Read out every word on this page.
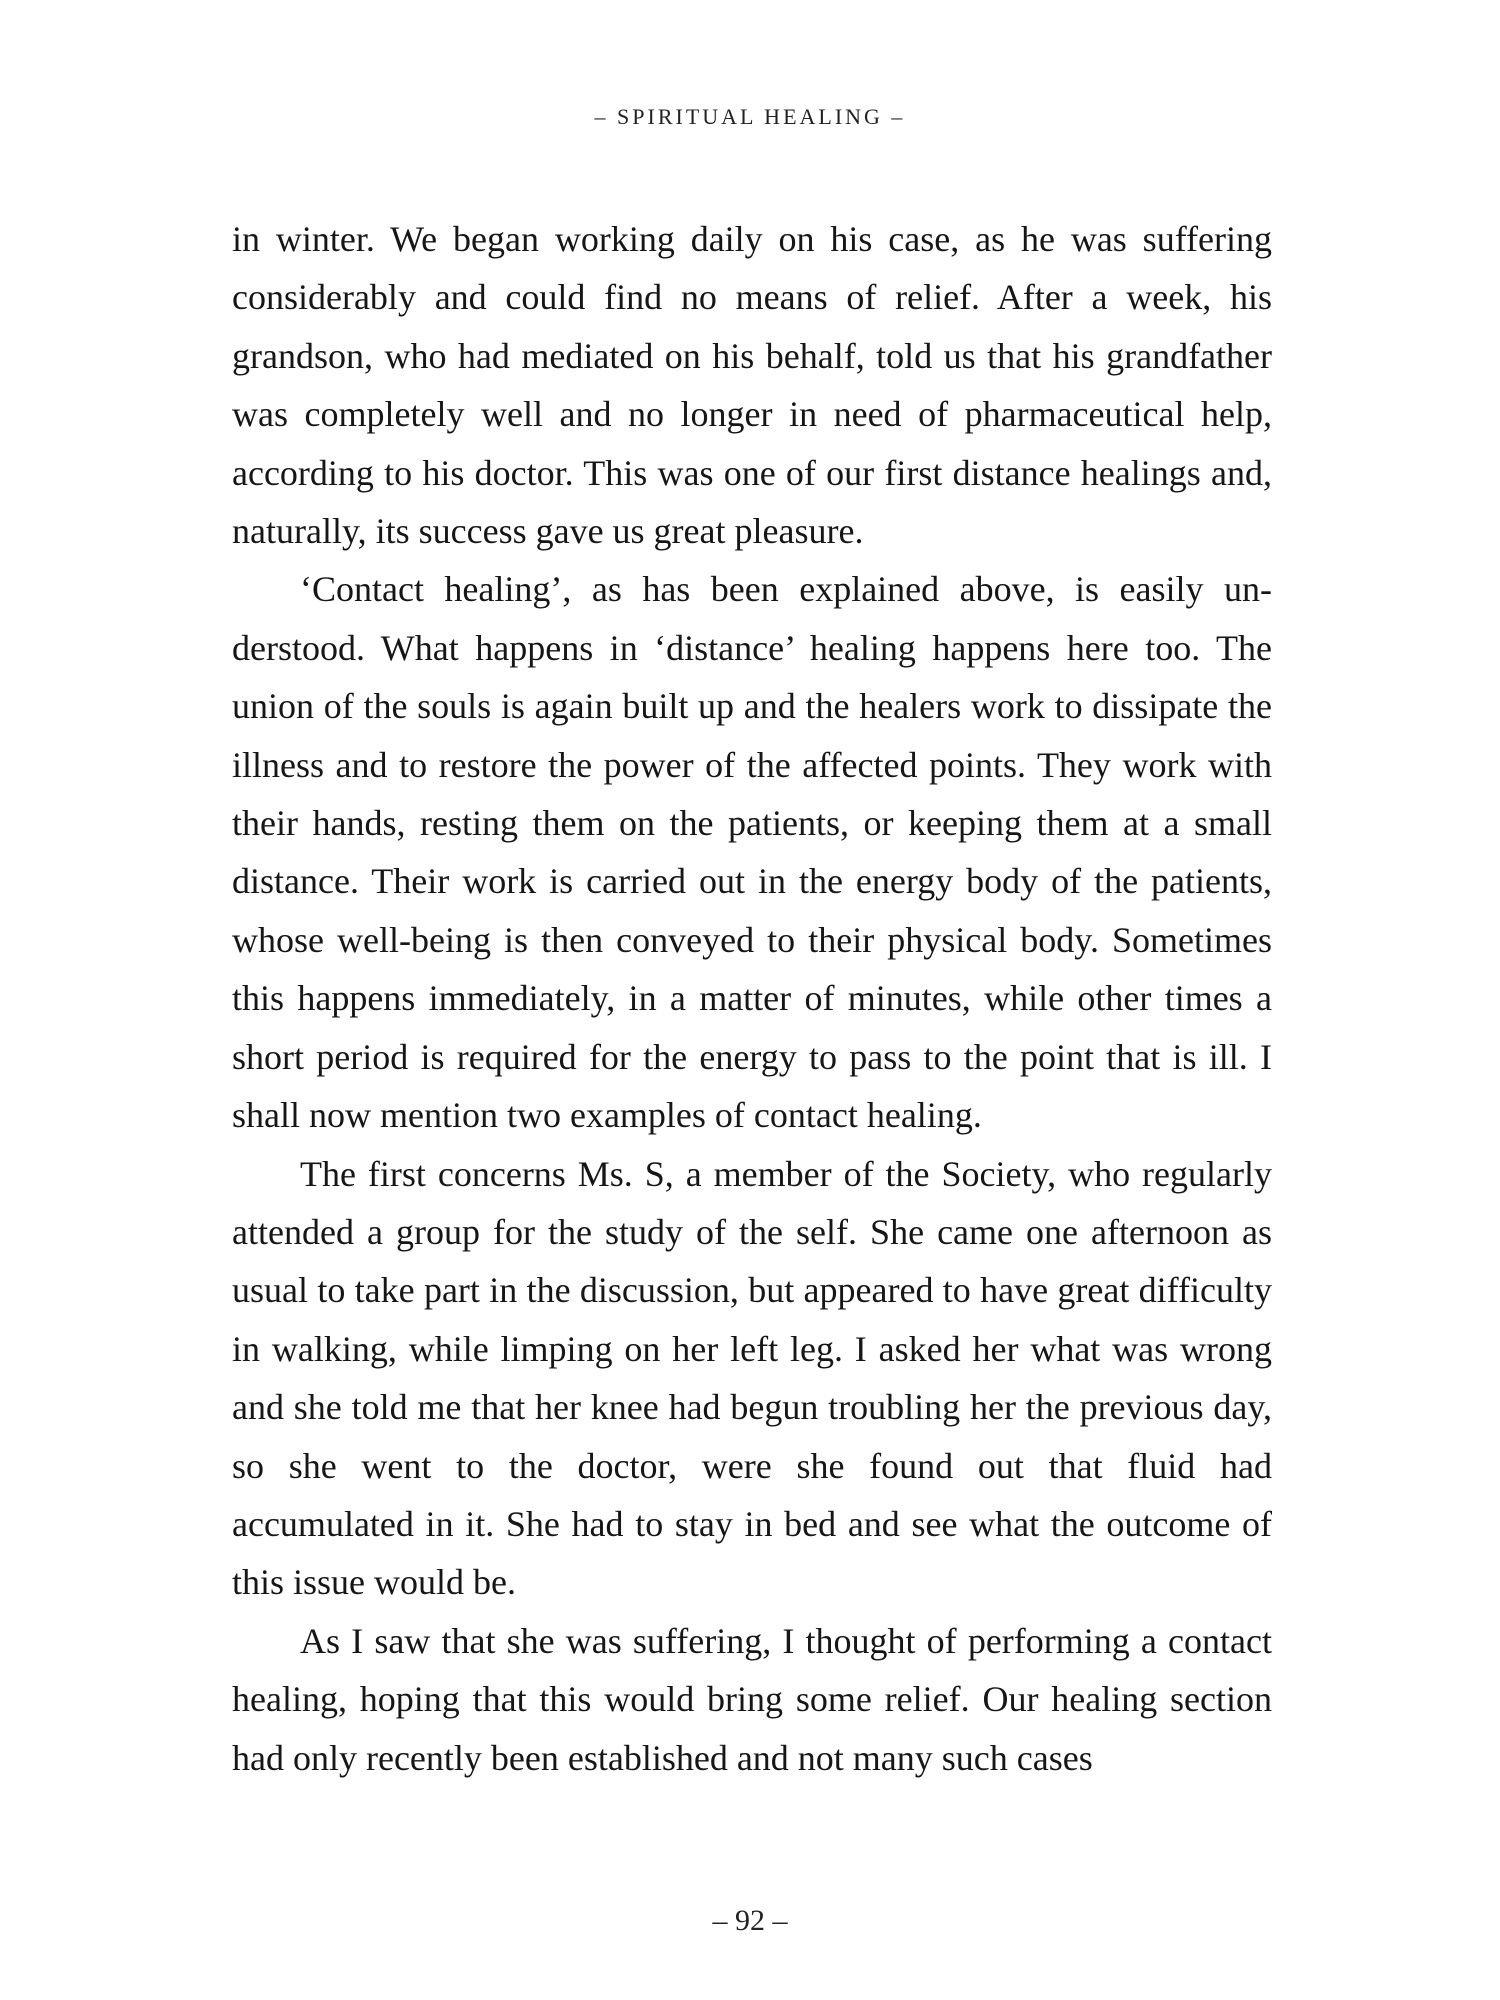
– SPIRITUAL HEALING –

in winter. We began working daily on his case, as he was suffering considerably and could find no means of relief. After a week, his grandson, who had mediated on his behalf, told us that his grandfather was completely well and no longer in need of pharmaceutical help, according to his doctor. This was one of our first distance healings and, naturally, its success gave us great pleasure.

‘Contact healing’, as has been explained above, is easily understood. What happens in ‘distance’ healing happens here too. The union of the souls is again built up and the healers work to dissipate the illness and to restore the power of the affected points. They work with their hands, resting them on the patients, or keeping them at a small distance. Their work is carried out in the energy body of the patients, whose well-being is then conveyed to their physical body. Sometimes this happens immediately, in a matter of minutes, while other times a short period is required for the energy to pass to the point that is ill. I shall now mention two examples of contact healing.

The first concerns Ms. S, a member of the Society, who regularly attended a group for the study of the self. She came one afternoon as usual to take part in the discussion, but appeared to have great difficulty in walking, while limping on her left leg. I asked her what was wrong and she told me that her knee had begun troubling her the previous day, so she went to the doctor, were she found out that fluid had accumulated in it. She had to stay in bed and see what the outcome of this issue would be.

As I saw that she was suffering, I thought of performing a contact healing, hoping that this would bring some relief. Our healing section had only recently been established and not many such cases

– 92 –
